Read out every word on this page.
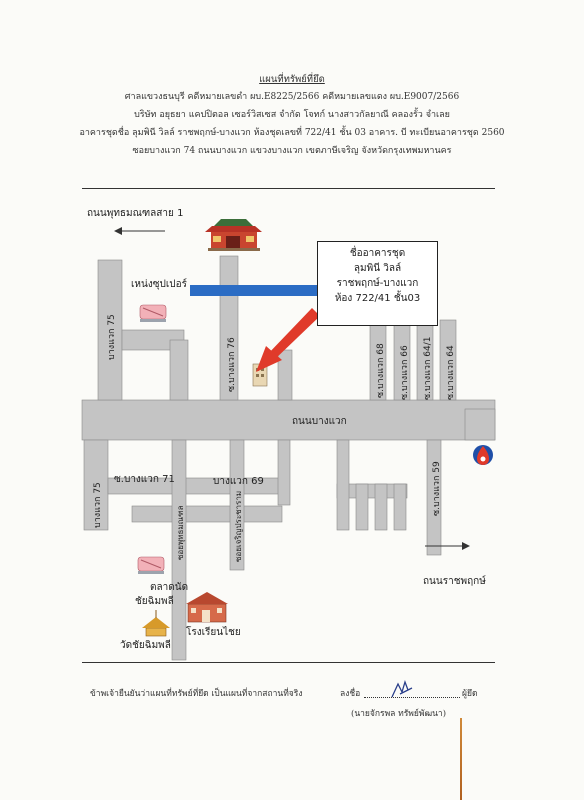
แผนที่ทรัพย์ที่ยึด
ศาลแขวงธนบุรี คดีหมายเลขดำ ผบ.E8225/2566 คดีหมายเลขแดง ผบ.E9007/2566
บริษัท อยุธยา แคปปิตอล เซอร์วิสเซส จำกัด โจทก์ นางสาวกัลยาณี คลองรั้ว จำเลย
อาคารชุดชื่อ ลุมพินี วิลล์ ราชพฤกษ์-บางแวก ห้องชุดเลขที่ 722/41 ชั้น 03 อาคาร. บี ทะเบียนอาคารชุด 2560
ซอยบางแวก 74 ถนนบางแวก แขวงบางแวก เขตภาษีเจริญ จังหวัดกรุงเทพมหานคร
ถนนพุทธมณฑลสาย 1
เหน่งซุปเปอร์
ถนนบางแวก
บางแวก 75
ซ.บางแวก 76	ซ.บางแวก 68	ซ.บางแวก 66	ซ.บางแวก 64/1	ซ.บางแวก 64
บางแวก 75
ซ.บางแวก 71	บางแวก 69
ซอยพุทธมณฑล	ซอยเจริญประชาราม
ซ.บางแวก 59
ถนนราชพฤกษ์
ตลาดนัด
ชัยฉิมพลี
วัดชัยฉิมพลี
โรงเรียนไชย
ชื่ออาคารชุด
ลุมพินี วิลล์
ราชพฤกษ์-บางแวก
ห้อง 722/41 ชั้น03
ข้าพเจ้ายืนยันว่าแผนที่ทรัพย์ที่ยึด เป็นแผนที่จากสถานที่จริง	ลงชื่อ	ผู้ยึด
(นายจักรพล ทรัพย์พัฒนา)
